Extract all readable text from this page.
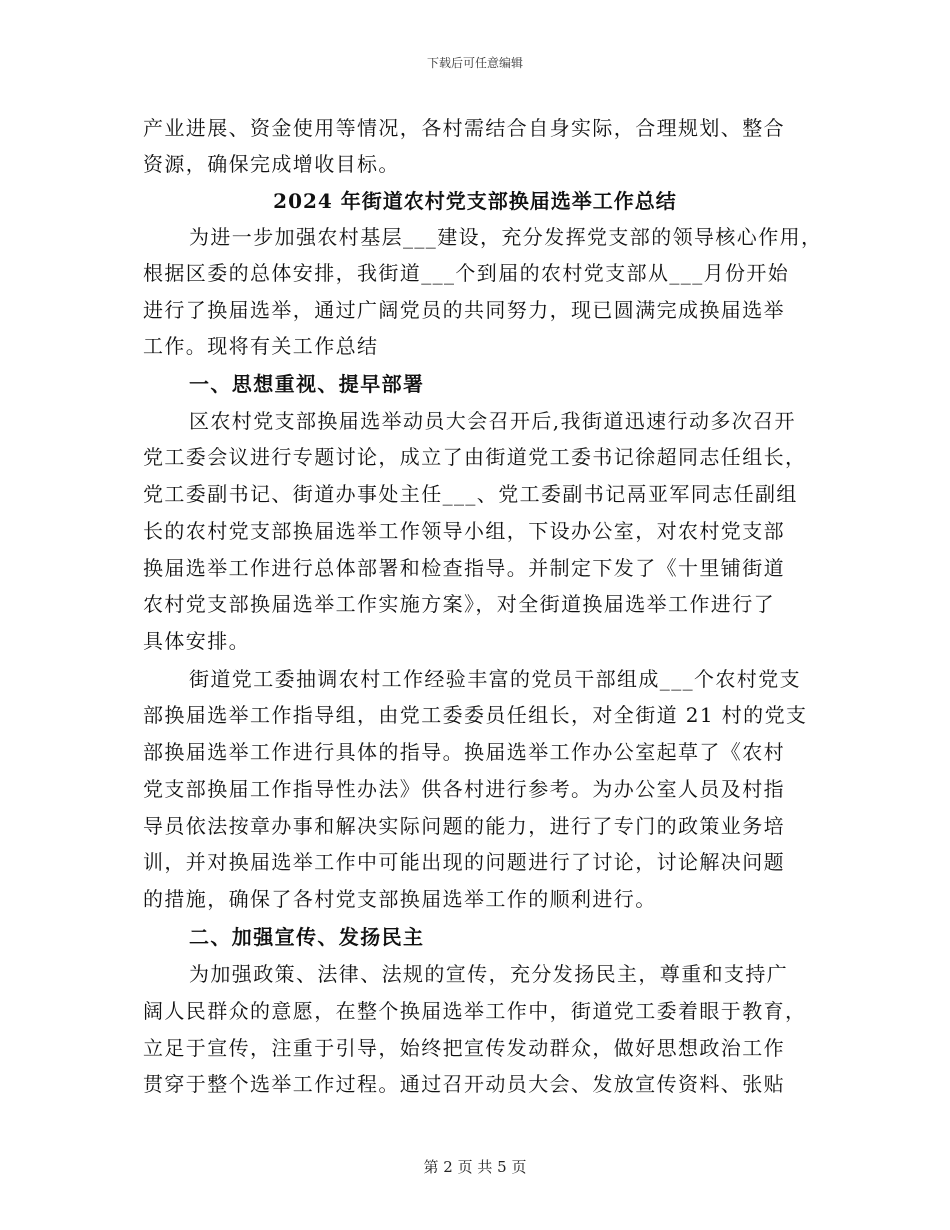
下载后可任意编辑
产业进展、资金使用等情况，各村需结合自身实际，合理规划、整合
资源，确保完成增收目标。
2024 年街道农村党支部换届选举工作总结
为进一步加强农村基层___建设，充分发挥党支部的领导核心作用，
根据区委的总体安排，我街道___个到届的农村党支部从___月份开始
进行了换届选举，通过广阔党员的共同努力，现已圆满完成换届选举
工作。现将有关工作总结
一、思想重视、提早部署
区农村党支部换届选举动员大会召开后,我街道迅速行动多次召开
党工委会议进行专题讨论，成立了由街道党工委书记徐超同志任组长，
党工委副书记、街道办事处主任___、党工委副书记鬲亚军同志任副组
长的农村党支部换届选举工作领导小组，下设办公室，对农村党支部
换届选举工作进行总体部署和检查指导。并制定下发了《十里铺街道
农村党支部换届选举工作实施方案》，对全街道换届选举工作进行了
具体安排。
街道党工委抽调农村工作经验丰富的党员干部组成___个农村党支
部换届选举工作指导组，由党工委委员任组长，对全街道 21 村的党支
部换届选举工作进行具体的指导。换届选举工作办公室起草了《农村
党支部换届工作指导性办法》供各村进行参考。为办公室人员及村指
导员依法按章办事和解决实际问题的能力，进行了专门的政策业务培
训，并对换届选举工作中可能出现的问题进行了讨论，讨论解决问题
的措施，确保了各村党支部换届选举工作的顺利进行。
二、加强宣传、发扬民主
为加强政策、法律、法规的宣传，充分发扬民主，尊重和支持广
阔人民群众的意愿，在整个换届选举工作中，街道党工委着眼于教育，
立足于宣传，注重于引导，始终把宣传发动群众，做好思想政治工作
贯穿于整个选举工作过程。通过召开动员大会、发放宣传资料、张贴
第 2 页 共 5 页
